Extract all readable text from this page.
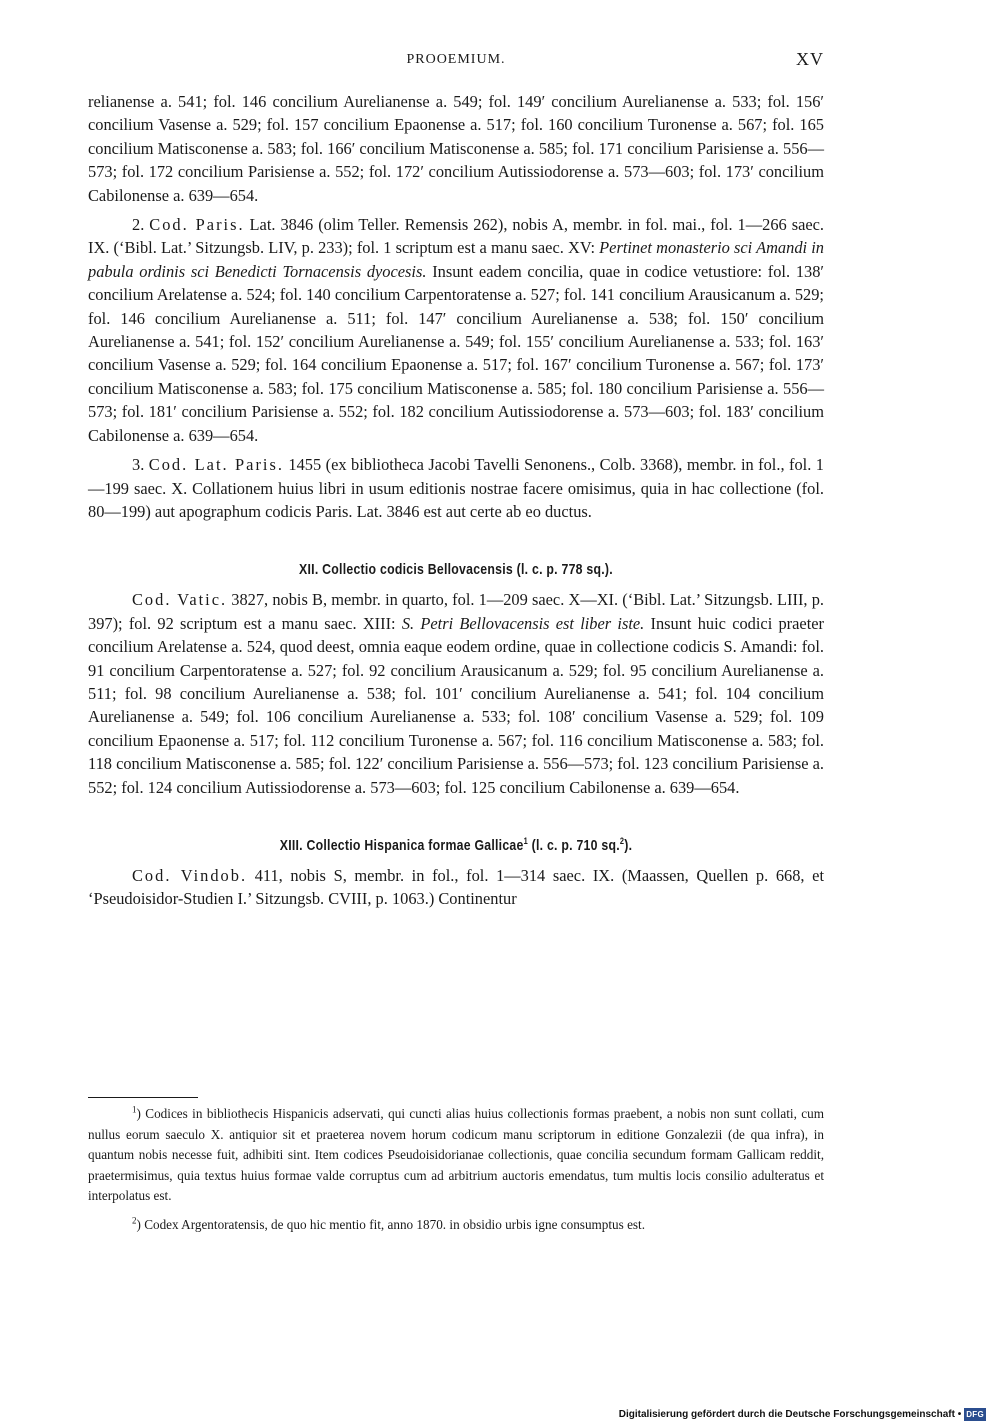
PROOEMIUM.	XV

relianense a. 541; fol. 146 concilium Aurelianense a. 549; fol. 149′ concilium Aurelianense a. 533; fol. 156′ concilium Vasense a. 529; fol. 157 concilium Epaonense a. 517; fol. 160 concilium Turonense a. 567; fol. 165 concilium Matisconense a. 583; fol. 166′ concilium Matisconense a. 585; fol. 171 concilium Parisiense a. 556—573; fol. 172 concilium Parisiense a. 552; fol. 172′ concilium Autissiodorense a. 573—603; fol. 173′ concilium Cabilonense a. 639—654.

2. Cod. Paris. Lat. 3846 (olim Teller. Remensis 262), nobis A, membr. in fol. mai., fol. 1—266 saec. IX. (‘Bibl. Lat.’ Sitzungsb. LIV, p. 233); fol. 1 scriptum est a manu saec. XV: Pertinet monasterio sci Amandi in pabula ordinis sci Benedicti Tornacensis dyocesis. Insunt eadem concilia, quae in codice vetustiore: fol. 138′ concilium Arelatense a. 524; fol. 140 concilium Carpentoratense a. 527; fol. 141 concilium Arausicanum a. 529; fol. 146 concilium Aurelianense a. 511; fol. 147′ concilium Aurelianense a. 538; fol. 150′ concilium Aurelianense a. 541; fol. 152′ concilium Aurelianense a. 549; fol. 155′ concilium Aurelianense a. 533; fol. 163′ concilium Vasense a. 529; fol. 164 concilium Epaonense a. 517; fol. 167′ concilium Turonense a. 567; fol. 173′ concilium Matisconense a. 583; fol. 175 concilium Matisconense a. 585; fol. 180 concilium Parisiense a. 556—573; fol. 181′ concilium Parisiense a. 552; fol. 182 concilium Autissiodorense a. 573—603; fol. 183′ concilium Cabilonense a. 639—654.

3. Cod. Lat. Paris. 1455 (ex bibliotheca Jacobi Tavelli Senonens., Colb. 3368), membr. in fol., fol. 1—199 saec. X. Collationem huius libri in usum editionis nostrae facere omisimus, quia in hac collectione (fol. 80—199) aut apographum codicis Paris. Lat. 3846 est aut certe ab eo ductus.

XII. Collectio codicis Bellovacensis (l. c. p. 778 sq.).

Cod. Vatic. 3827, nobis B, membr. in quarto, fol. 1—209 saec. X—XI. (‘Bibl. Lat.’ Sitzungsb. LIII, p. 397); fol. 92 scriptum est a manu saec. XIII: S. Petri Bellovacensis est liber iste. Insunt huic codici praeter concilium Arelatense a. 524, quod deest, omnia eaque eodem ordine, quae in collectione codicis S. Amandi: fol. 91 concilium Carpentoratense a. 527; fol. 92 concilium Arausicanum a. 529; fol. 95 concilium Aurelianense a. 511; fol. 98 concilium Aurelianense a. 538; fol. 101′ concilium Aurelianense a. 541; fol. 104 concilium Aurelianense a. 549; fol. 106 concilium Aurelianense a. 533; fol. 108′ concilium Vasense a. 529; fol. 109 concilium Epaonense a. 517; fol. 112 concilium Turonense a. 567; fol. 116 concilium Matisconense a. 583; fol. 118 concilium Matisconense a. 585; fol. 122′ concilium Parisiense a. 556—573; fol. 123 concilium Parisiense a. 552; fol. 124 concilium Autissiodorense a. 573—603; fol. 125 concilium Cabilonense a. 639—654.

XIII. Collectio Hispanica formae Gallicae$^1$ (l. c. p. 710 sq.$^2$).

Cod. Vindob. 411, nobis S, membr. in fol., fol. 1—314 saec. IX. (Maassen, Quellen p. 668, et ‘Pseudoisidor-Studien I.’ Sitzungsb. CVIII, p. 1063.) Continentur

$^1$) Codices in bibliothecis Hispanicis adservati, qui cuncti alias huius collectionis formas praebent, a nobis non sunt collati, cum nullus eorum saeculo X. antiquior sit et praeterea novem horum codicum manu scriptorum in editione Gonzalezii (de qua infra), in quantum nobis necesse fuit, adhibiti sint. Item codices Pseudoisidorianae collectionis, quae concilia secundum formam Gallicam reddit, praetermisimus, quia textus huius formae valde corruptus cum ad arbitrium auctoris emendatus, tum multis locis consilio adulteratus et interpolatus est.

$^2$) Codex Argentoratensis, de quo hic mentio fit, anno 1870. in obsidio urbis igne consumptus est.

Digitalisierung gefördert durch die Deutsche Forschungsgemeinschaft • DFG
